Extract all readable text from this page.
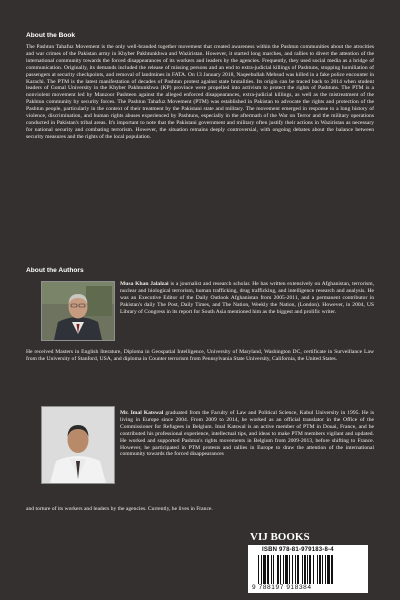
About the Book

The Pashtun Tahafuz Movement is the only well-branded together movement that created awareness within the Pashtun communities about the atrocities and war crimes of the Pakistan army in Khyber Pakhtunkhwa and Waziristan. However, it started long marches, and rallies to divert the attention of the international community towards the forced disappearances of its workers and leaders by the agencies. Frequently, they used social media as a bridge of communication. Originally, its demands included the release of missing persons and an end to extra-judicial killings of Pashtuns, stopping humiliation of passengers at security checkpoints, and removal of landmines in FATA. On 13 January 2018, Naqeebullah Mehsud was killed in a fake police encounter in Karachi. The PTM is the latest manifestation of decades of Pashtun protest against state brutalities. Its origin can be traced back to 2014 when student leaders of Gomal University in the Khyber Pakhtunkhwa (KP) province were propelled into activism to protect the rights of Pashtuns. The PTM is a nonviolent movement led by Manzoor Pashteen against the alleged enforced disappearances, extra-judicial killings, as well as the mistreatment of the Pakhtun community by security forces. The Pashtun Tahafuz Movement (PTM) was established in Pakistan to advocate the rights and protection of the Pashtun people, particularly in the context of their treatment by the Pakistani state and military. The movement emerged in response to a long history of violence, discrimination, and human rights abuses experienced by Pashtuns, especially in the aftermath of the War on Terror and the military operations conducted in Pakistan's tribal areas. It's important to note that the Pakistani government and military often justify their actions in Waziristan as necessary for national security and combating terrorism. However, the situation remains deeply controversial, with ongoing debates about the balance between security measures and the rights of the local population.

About the Authors

Musa Khan Jalalzai is a journalist and research scholar. He has written extensively on Afghanistan, terrorism, nuclear and biological terrorism, human trafficking, drug trafficking, and intelligence research and analysis. He was an Executive Editor of the Daily Outlook Afghanistan from 2005-2011, and a permanent contributor in Pakistan's daily The Post, Daily Times, and The Nation, Weekly the Nation, (London). However, in 2004, US Library of Congress in its report for South Asia mentioned him as the biggest and prolific writer.

He received Masters in English literature, Diploma in Geospatial Intelligence, University of Maryland, Washington DC, certificate in Surveillance Law from the University of Stanford, USA, and diploma in Counter terrorism from Pennsylvania State University, California, the United States.

Mr. Imal Katswal graduated from the Faculty of Law and Political Science, Kabul University in 1995. He is living in Europe since 2004. From 2009 to 2014, he worked as an official translator in the Office of the Commissioner for Refugees in Belgium. Imal Katswal is an active member of PTM in Douai, France, and he contributed his professional experience, intellectual tips, and ideas to make PTM members vigilant and updated. He worked and supported Pashtun's rights movements in Belgium from 2009-2013, before shifting to France. However, he participated in PTM protests and rallies in Europe to draw the attention of the international community towards the forced disappearances

and torture of its workers and leaders by the agencies. Currently, he lives in France.

VIJ BOOKS
ISBN 978-81-979183-8-4
9 788197 918384
